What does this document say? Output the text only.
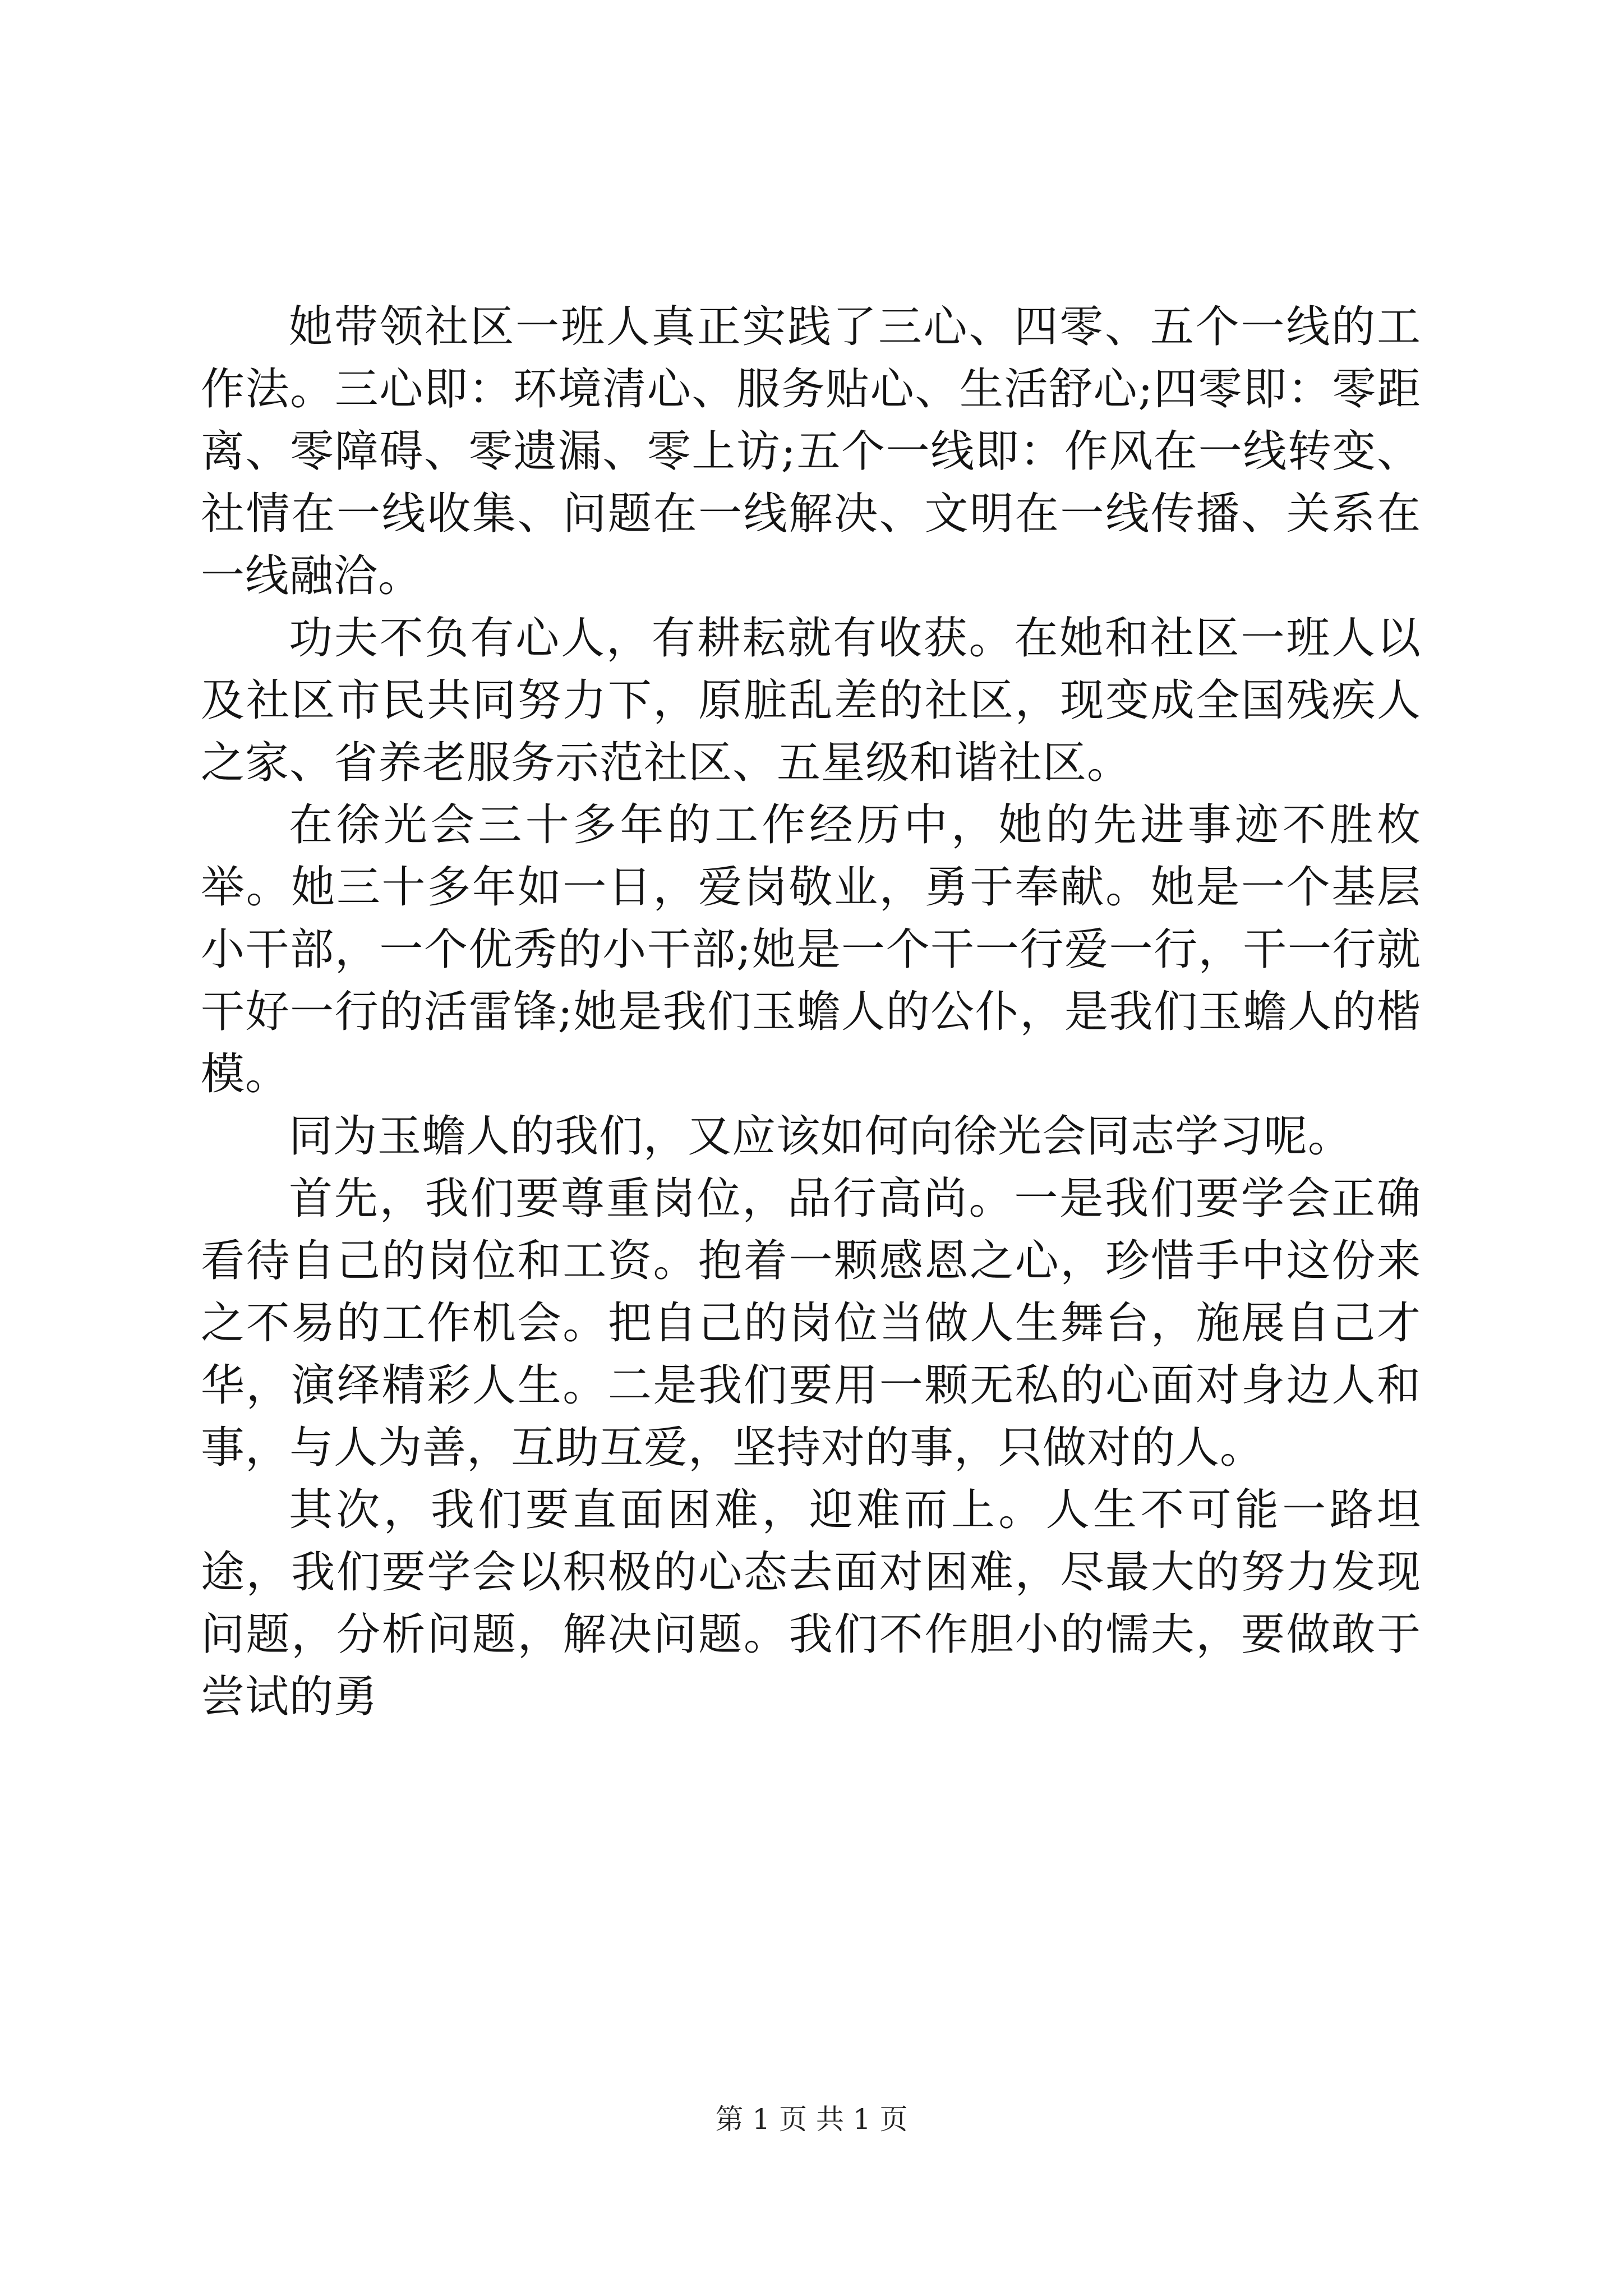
她带领社区一班人真正实践了三心、四零、五个一线的工作法。三心即：环境清心、服务贴心、生活舒心;四零即：零距离、零障碍、零遗漏、零上访;五个一线即：作风在一线转变、社情在一线收集、问题在一线解决、文明在一线传播、关系在一线融洽。

功夫不负有心人，有耕耘就有收获。在她和社区一班人以及社区市民共同努力下，原脏乱差的社区，现变成全国残疾人之家、省养老服务示范社区、五星级和谐社区。

在徐光会三十多年的工作经历中，她的先进事迹不胜枚举。她三十多年如一日，爱岗敬业，勇于奉献。她是一个基层小干部，一个优秀的小干部;她是一个干一行爱一行，干一行就干好一行的活雷锋;她是我们玉蟾人的公仆，是我们玉蟾人的楷模。

同为玉蟾人的我们，又应该如何向徐光会同志学习呢。

首先，我们要尊重岗位，品行高尚。一是我们要学会正确看待自己的岗位和工资。抱着一颗感恩之心，珍惜手中这份来之不易的工作机会。把自己的岗位当做人生舞台，施展自己才华，演绎精彩人生。二是我们要用一颗无私的心面对身边人和事，与人为善，互助互爱，坚持对的事，只做对的人。

其次，我们要直面困难，迎难而上。人生不可能一路坦途，我们要学会以积极的心态去面对困难，尽最大的努力发现问题，分析问题，解决问题。我们不作胆小的懦夫，要做敢于尝试的勇

第 1 页 共 1 页
